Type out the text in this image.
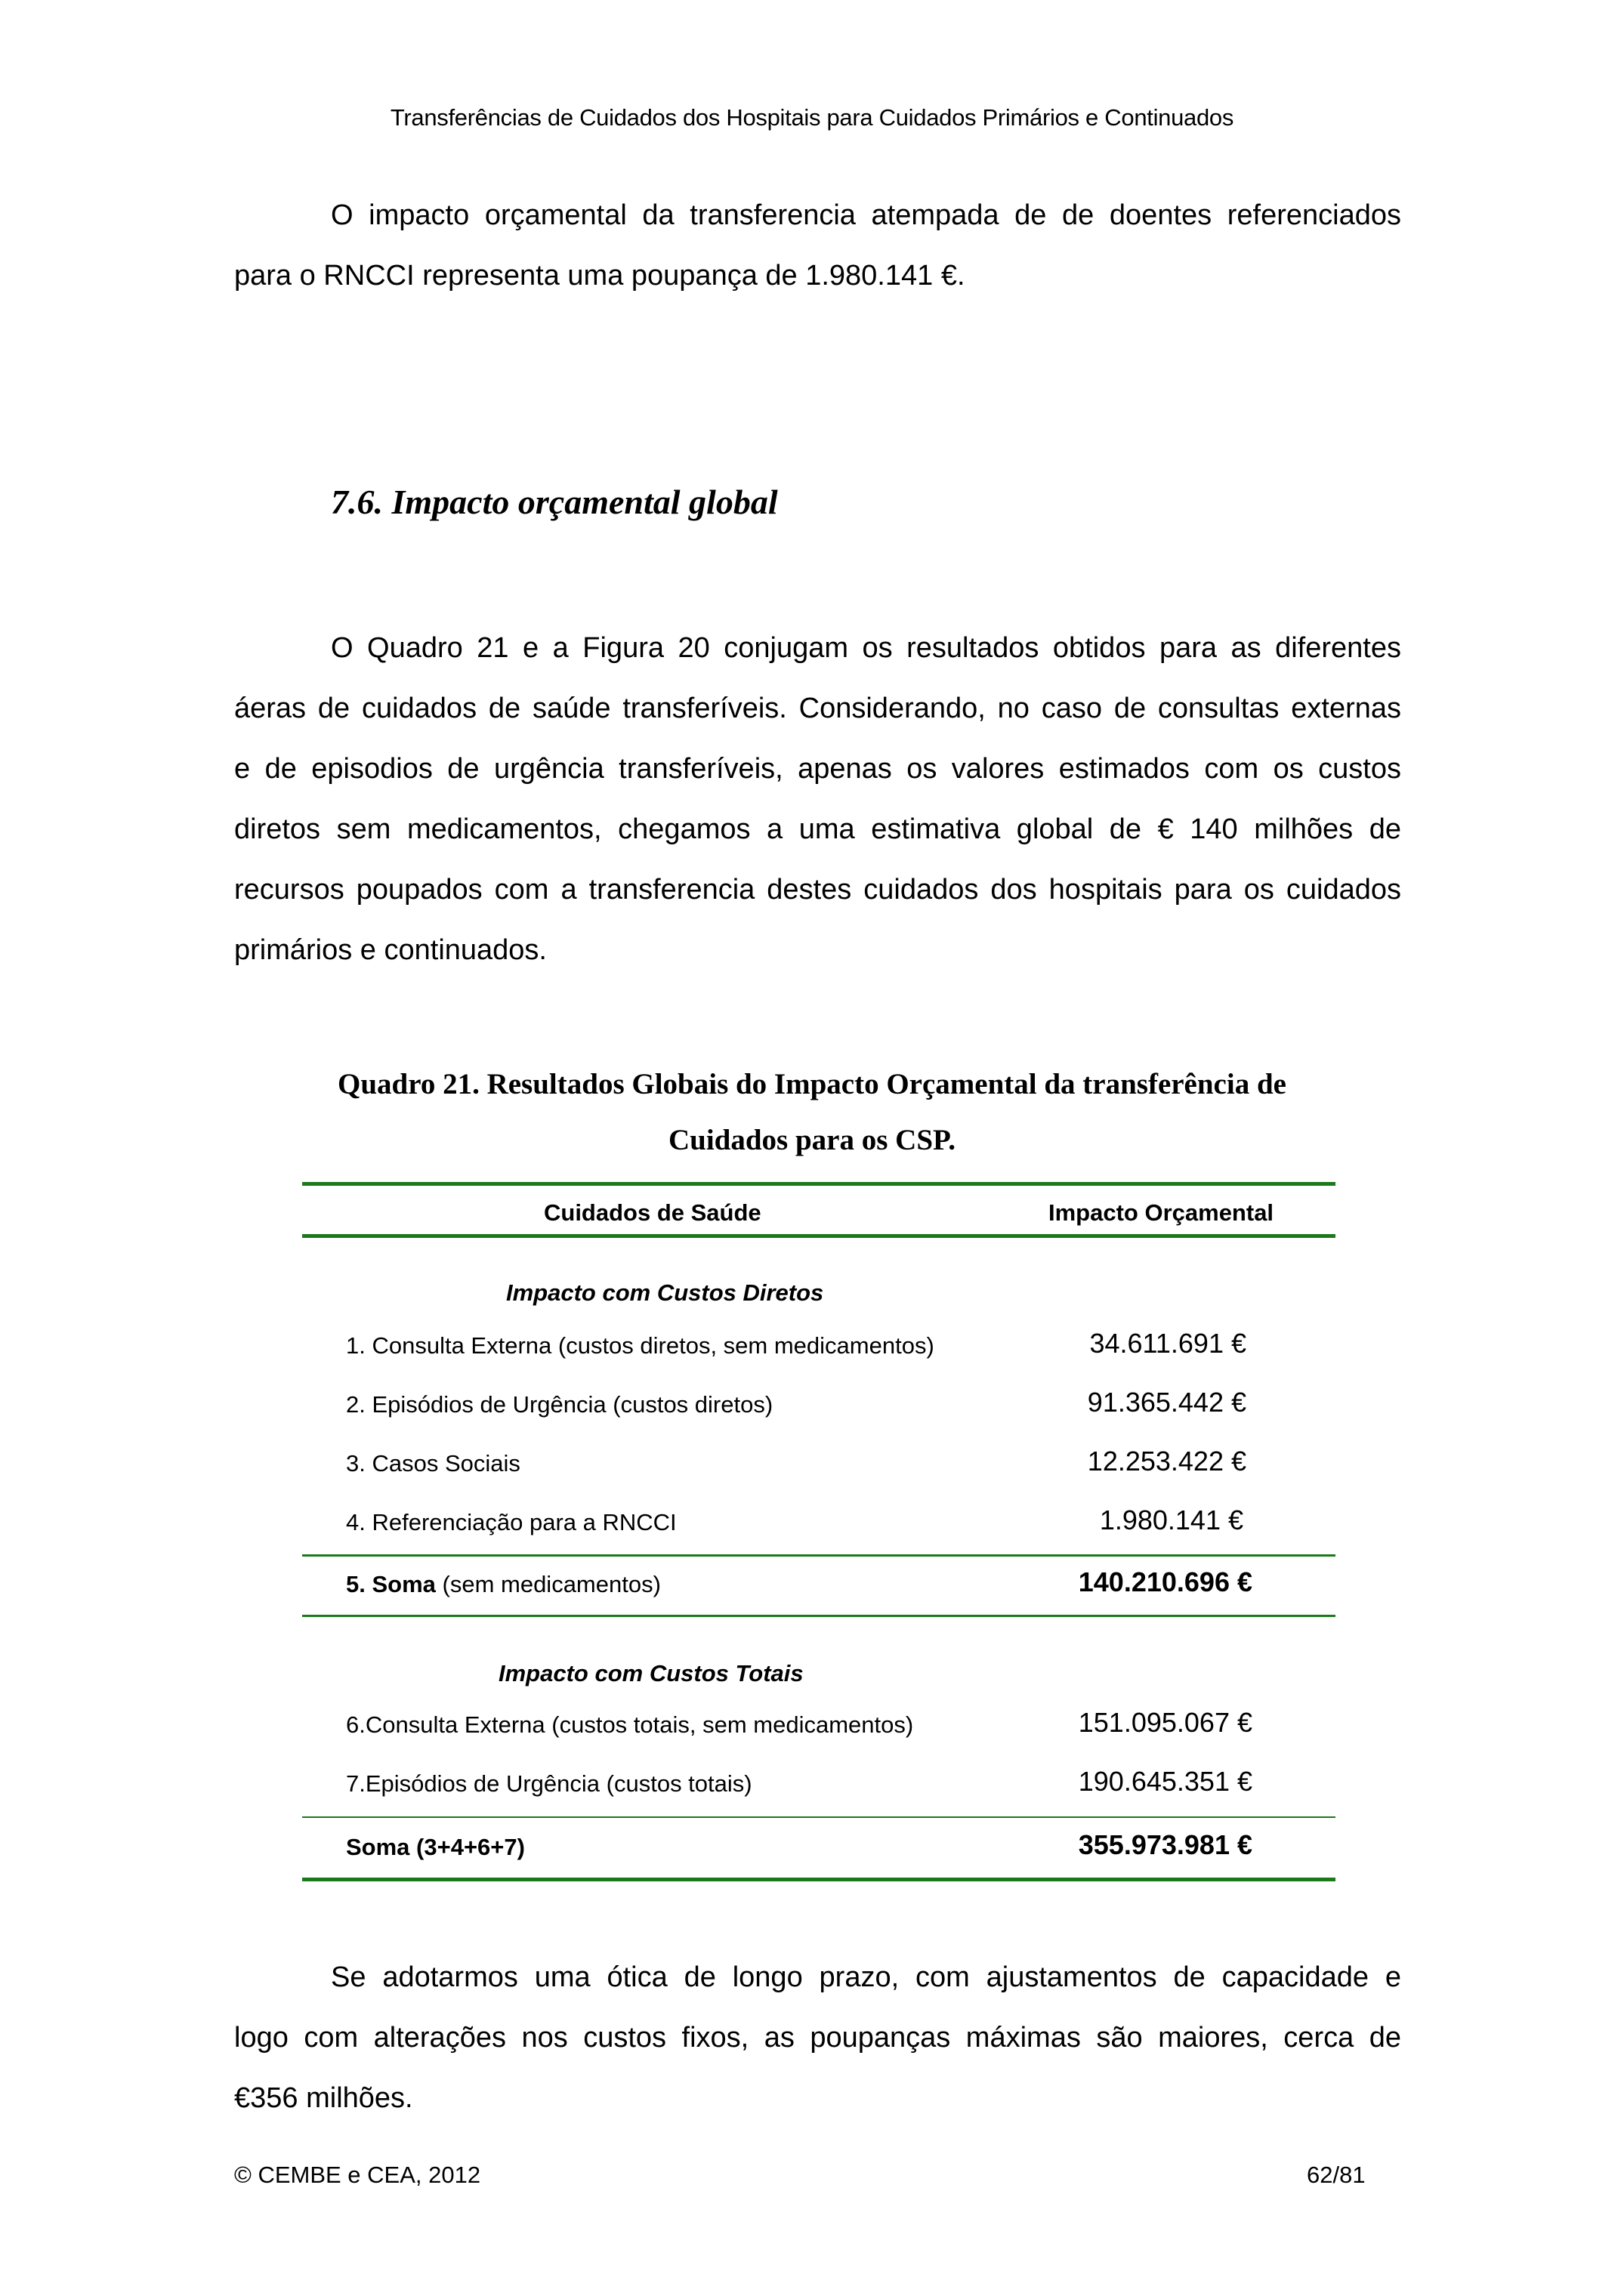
Transferências de Cuidados dos Hospitais para Cuidados Primários e Continuados
O impacto orçamental da transferencia atempada de de doentes referenciados
para o RNCCI representa uma poupança de 1.980.141 €.
7.6. Impacto orçamental global
O Quadro 21 e a Figura 20 conjugam os resultados obtidos para as diferentes
áeras de cuidados de saúde transferíveis. Considerando, no caso de consultas externas
e de episodios de urgência transferíveis, apenas os valores estimados com os custos
diretos sem medicamentos, chegamos a uma estimativa global de € 140 milhões de
recursos poupados com a transferencia destes cuidados dos hospitais para os cuidados
primários e continuados.
Quadro 21. Resultados Globais do Impacto Orçamental da transferência de
Cuidados para os CSP.
Cuidados de Saúde	Impacto Orçamental
Impacto com Custos Diretos
1. Consulta Externa (custos diretos, sem medicamentos)	34.611.691 €
2. Episódios de Urgência (custos diretos)	91.365.442 €
3. Casos Sociais	12.253.422 €
4. Referenciação para a RNCCI	1.980.141 €
5. Soma (sem medicamentos)	140.210.696 €
Impacto com Custos Totais
6.Consulta Externa (custos totais, sem medicamentos)	151.095.067 €
7.Episódios de Urgência (custos totais)	190.645.351 €
Soma (3+4+6+7)	355.973.981 €
Se adotarmos uma ótica de longo prazo, com ajustamentos de capacidade e
logo com alterações nos custos fixos, as poupanças máximas são maiores, cerca de
€356 milhões.
© CEMBE e CEA, 2012	62/81
